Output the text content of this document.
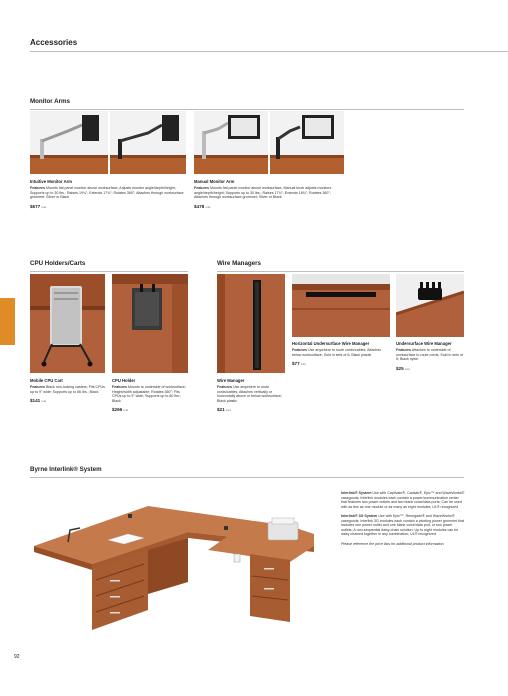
Accessories
Monitor Arms
Intuitive Monitor Arm
Features Mounts flat panel monitor above worksurface; Adjusts monitor angle/depth/height; Supports up to 30 lbs.; Raises 19¾"; Extends 17¾"; Rotates 360°; Attaches through worksurface grommet; Silver or Black
$677 List
Manual Monitor Arm
Features Mounts flat panel monitor above worksurface; Manual knob adjusts monitors angle/depth/height; Supports up to 30 lbs.; Raises 17¾"; Extends 18¾"; Rotates 360°; Attaches through worksurface grommet; Silver or Black
$478 List
CPU Holders/Carts
Mobile CPU Cart
Features Black non-locking casters; Fits CPUs up to 9" wide; Supports up to 66 lbs.; Black
$141 List
CPU Holder
Features Mounts to underside of worksurface; Height/width adjustable; Rotates 360°; Fits CPUs up to 9" wide; Supports up to 80 lbs.; Black
$266 List
Wire Managers
Wire Manager
Features Use anywhere to route cords/cables; Attaches vertically or horizontally above or below worksurface; Black plastic
$21 List
Horizontal Undersurface Wire Manager
Features Use anywhere to route cords/cables; Attaches below worksurface; Sold in sets of 6; Black plastic
$77 List
Undersurface Wire Manager
Features Attaches to underside of worksurface to route cords; Sold in sets of 5; Black nylon
$25 List
Byrne Interlink® System
Interlink® System Use with Captivate®, Cadsak®, Epic™ and WaveWorks® casegoods; Interlink modules each contain a power/communication center that features two power outlets and two blank voice/data ports; Can be used with as few as one module or as many as eight modules; UL® recognized
Interlink® 3G System Use with Epic™, Renegade® and WaveWorks® casegoods; Interlink 3G modules each contain a pivoting power grommet that includes one power outlet and one blank voice/data port, or two power outlets; A non-sequential daisy chain solution; Up to eight modules can be daisy chained together in any combination; UL® recognized
Please reference the price lists for additional product information.
92
